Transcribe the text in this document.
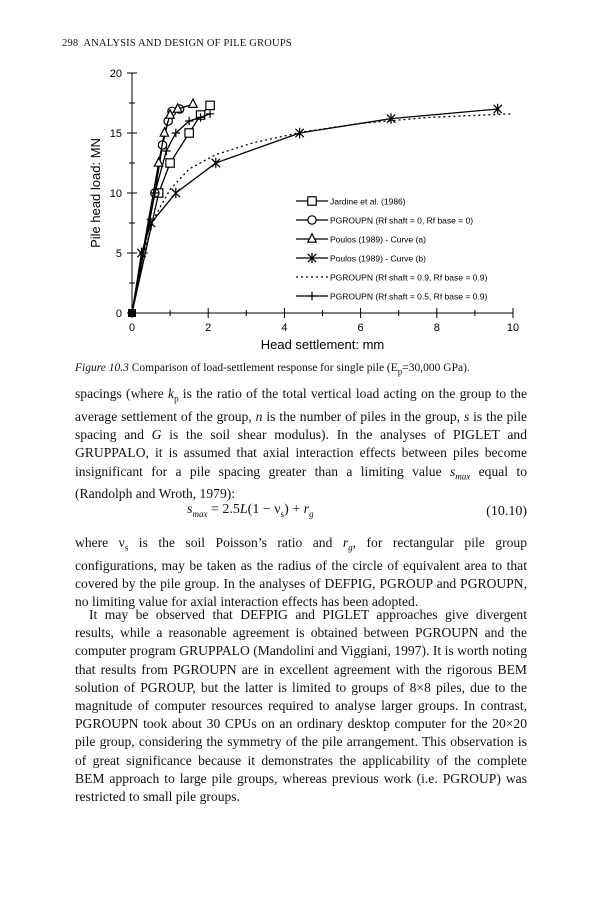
298 ANALYSIS AND DESIGN OF PILE GROUPS
0
5
10
15
20
0	2	4	6	8	10
Head settlement: mm
Pile head load: MN	Jardine et al. (1986)
PGROUPN (Rf shaft = 0, Rf base = 0)
Poulos (1989) - Curve (a)
Poulos (1989) - Curve (b)
PGROUPN (Rf shaft = 0.9, Rf base = 0.9)
PGROUPN (Rf shaft = 0.5, Rf base = 0.9)
Figure 10.3 Comparison of load-settlement response for single pile ($E_p=30,000$ GPa).
spacings (where $k_p$ is the ratio of the total vertical load acting on the group to the average settlement of the group, n is the number of piles in the group, s is the pile spacing and G is the soil shear modulus). In the analyses of PIGLET and GRUPPALO, it is assumed that axial interaction effects between piles become insignificant for a pile spacing greater than a limiting value $s_{max}$ equal to (Randolph and Wroth, 1979):
$s_{max} = 2.5L(1 - \nu_s) + r_g$	(10.10)
where $\nu_s$ is the soil Poisson’s ratio and $r_g$, for rectangular pile group configurations, may be taken as the radius of the circle of equivalent area to that covered by the pile group. In the analyses of DEFPIG, PGROUP and PGROUPN, no limiting value for axial interaction effects has been adopted.
It may be observed that DEFPIG and PIGLET approaches give divergent results, while a reasonable agreement is obtained between PGROUPN and the computer program GRUPPALO (Mandolini and Viggiani, 1997). It is worth noting that results from PGROUPN are in excellent agreement with the rigorous BEM solution of PGROUP, but the latter is limited to groups of 8×8 piles, due to the magnitude of computer resources required to analyse larger groups. In contrast, PGROUPN took about 30 CPUs on an ordinary desktop computer for the 20×20 pile group, considering the symmetry of the pile arrangement. This observation is of great significance because it demonstrates the applicability of the complete BEM approach to large pile groups, whereas previous work (i.e. PGROUP) was restricted to small pile groups.
